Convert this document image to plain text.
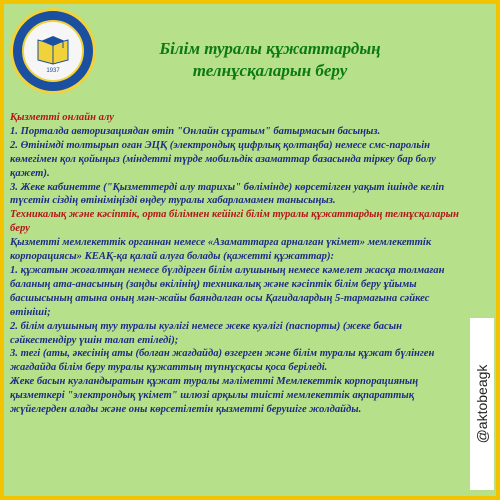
1937
Білім туралы құжаттардың
телнұсқаларын беру

Қызметті онлайн алу

1. Порталда авторизациядан өтіп "Онлайн сұратым" батырмасын басыңыз.

2. Өтінімді толтырып оған ЭЦҚ (электрондық цифрлық қолтаңба) немесе смс-парольін көмегімен қол қойыңыз (міндетті түрде мобильдік азаматтар базасында тіркеу бар болу қажет).

3. Жеке кабинетте ("Қызметтерді алу тарихы" бөлімінде) көрсетілген уақыт ішінде келіп түсетін сіздің өтініміңізді өңдеу туралы хабарламамен танысыңыз.

Техникалық және кәсіптік, орта білімнен кейінгі білім туралы құжаттардың телнұсқаларын беру

Қызметті мемлекеттік органнан немесе «Азаматтарға арналған үкімет» мемлекеттік корпорациясы» КЕАҚ-қа қалай алуға болады (қажетті құжаттар):

1. құжатын жоғалтқан немесе бүлдірген білім алушының немесе кәмелет жасқа толмаған баланың ата-анасының (заңды өкілінің) техникалық және кәсіптік білім беру ұйымы басшысының атына оның мән-жайы баяндалған осы Қағидалардың 5-тармағына сәйкес өтініші;

2. білім алушының туу туралы куәлігі немесе жеке куәлігі (паспорты) (жеке басын сәйкестендіру үшін талап етіледі);

3. тегі (аты, әкесінің аты (болған жағдайда) өзгерген және білім туралы құжат бүлінген жағдайда білім беру туралы құжаттың түпнұсқасы қоса беріледі.

Жеке басын куәландыратын құжат туралы мәліметті Мемлекеттік корпорацияның қызметкері "электрондық үкімет" шлюзі арқылы тиісті мемлекеттік ақпараттық жүйелерден алады және оны көрсетілетін қызметті берушіге жолдайды.	@aktobeagk
